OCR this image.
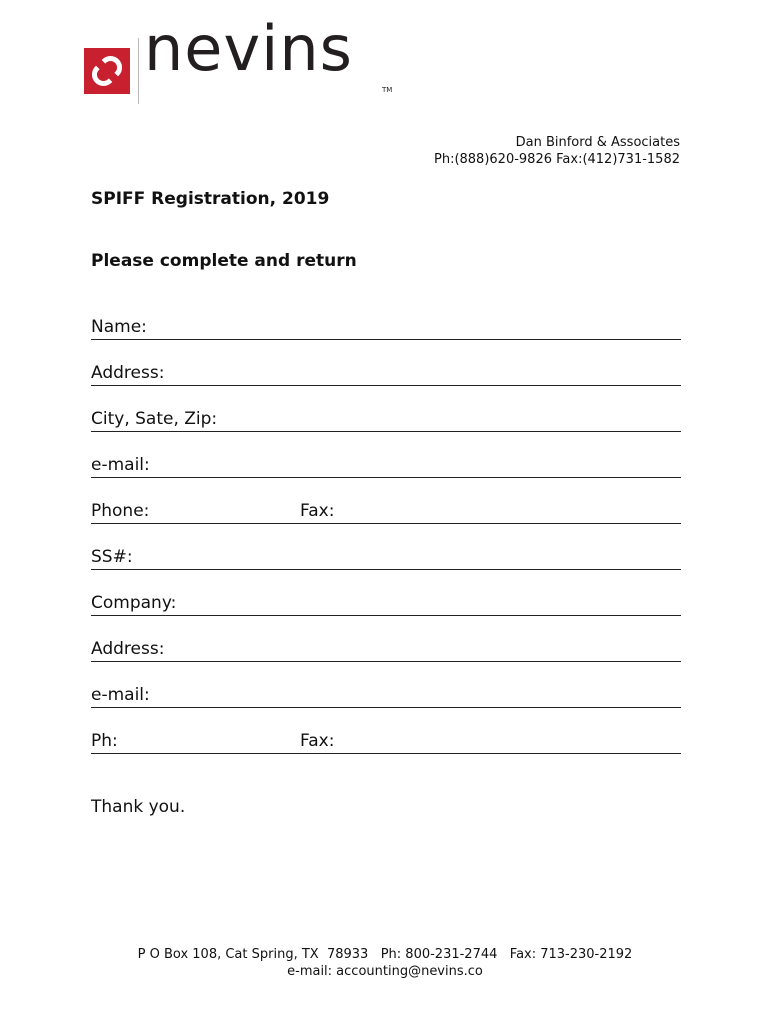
nevins
TM
Dan Binford & Associates
Ph:(888)620-9826 Fax:(412)731-1582
SPIFF Registration, 2019
Please complete and return
Name:
Address:
City, Sate, Zip:
e-mail:
Phone:	Fax:
SS#:
Company:
Address:
e-mail:
Ph:	Fax:
Thank you.
P O Box 108, Cat Spring, TX  78933   Ph: 800-231-2744   Fax: 713-230-2192
e-mail: accounting@nevins.co
